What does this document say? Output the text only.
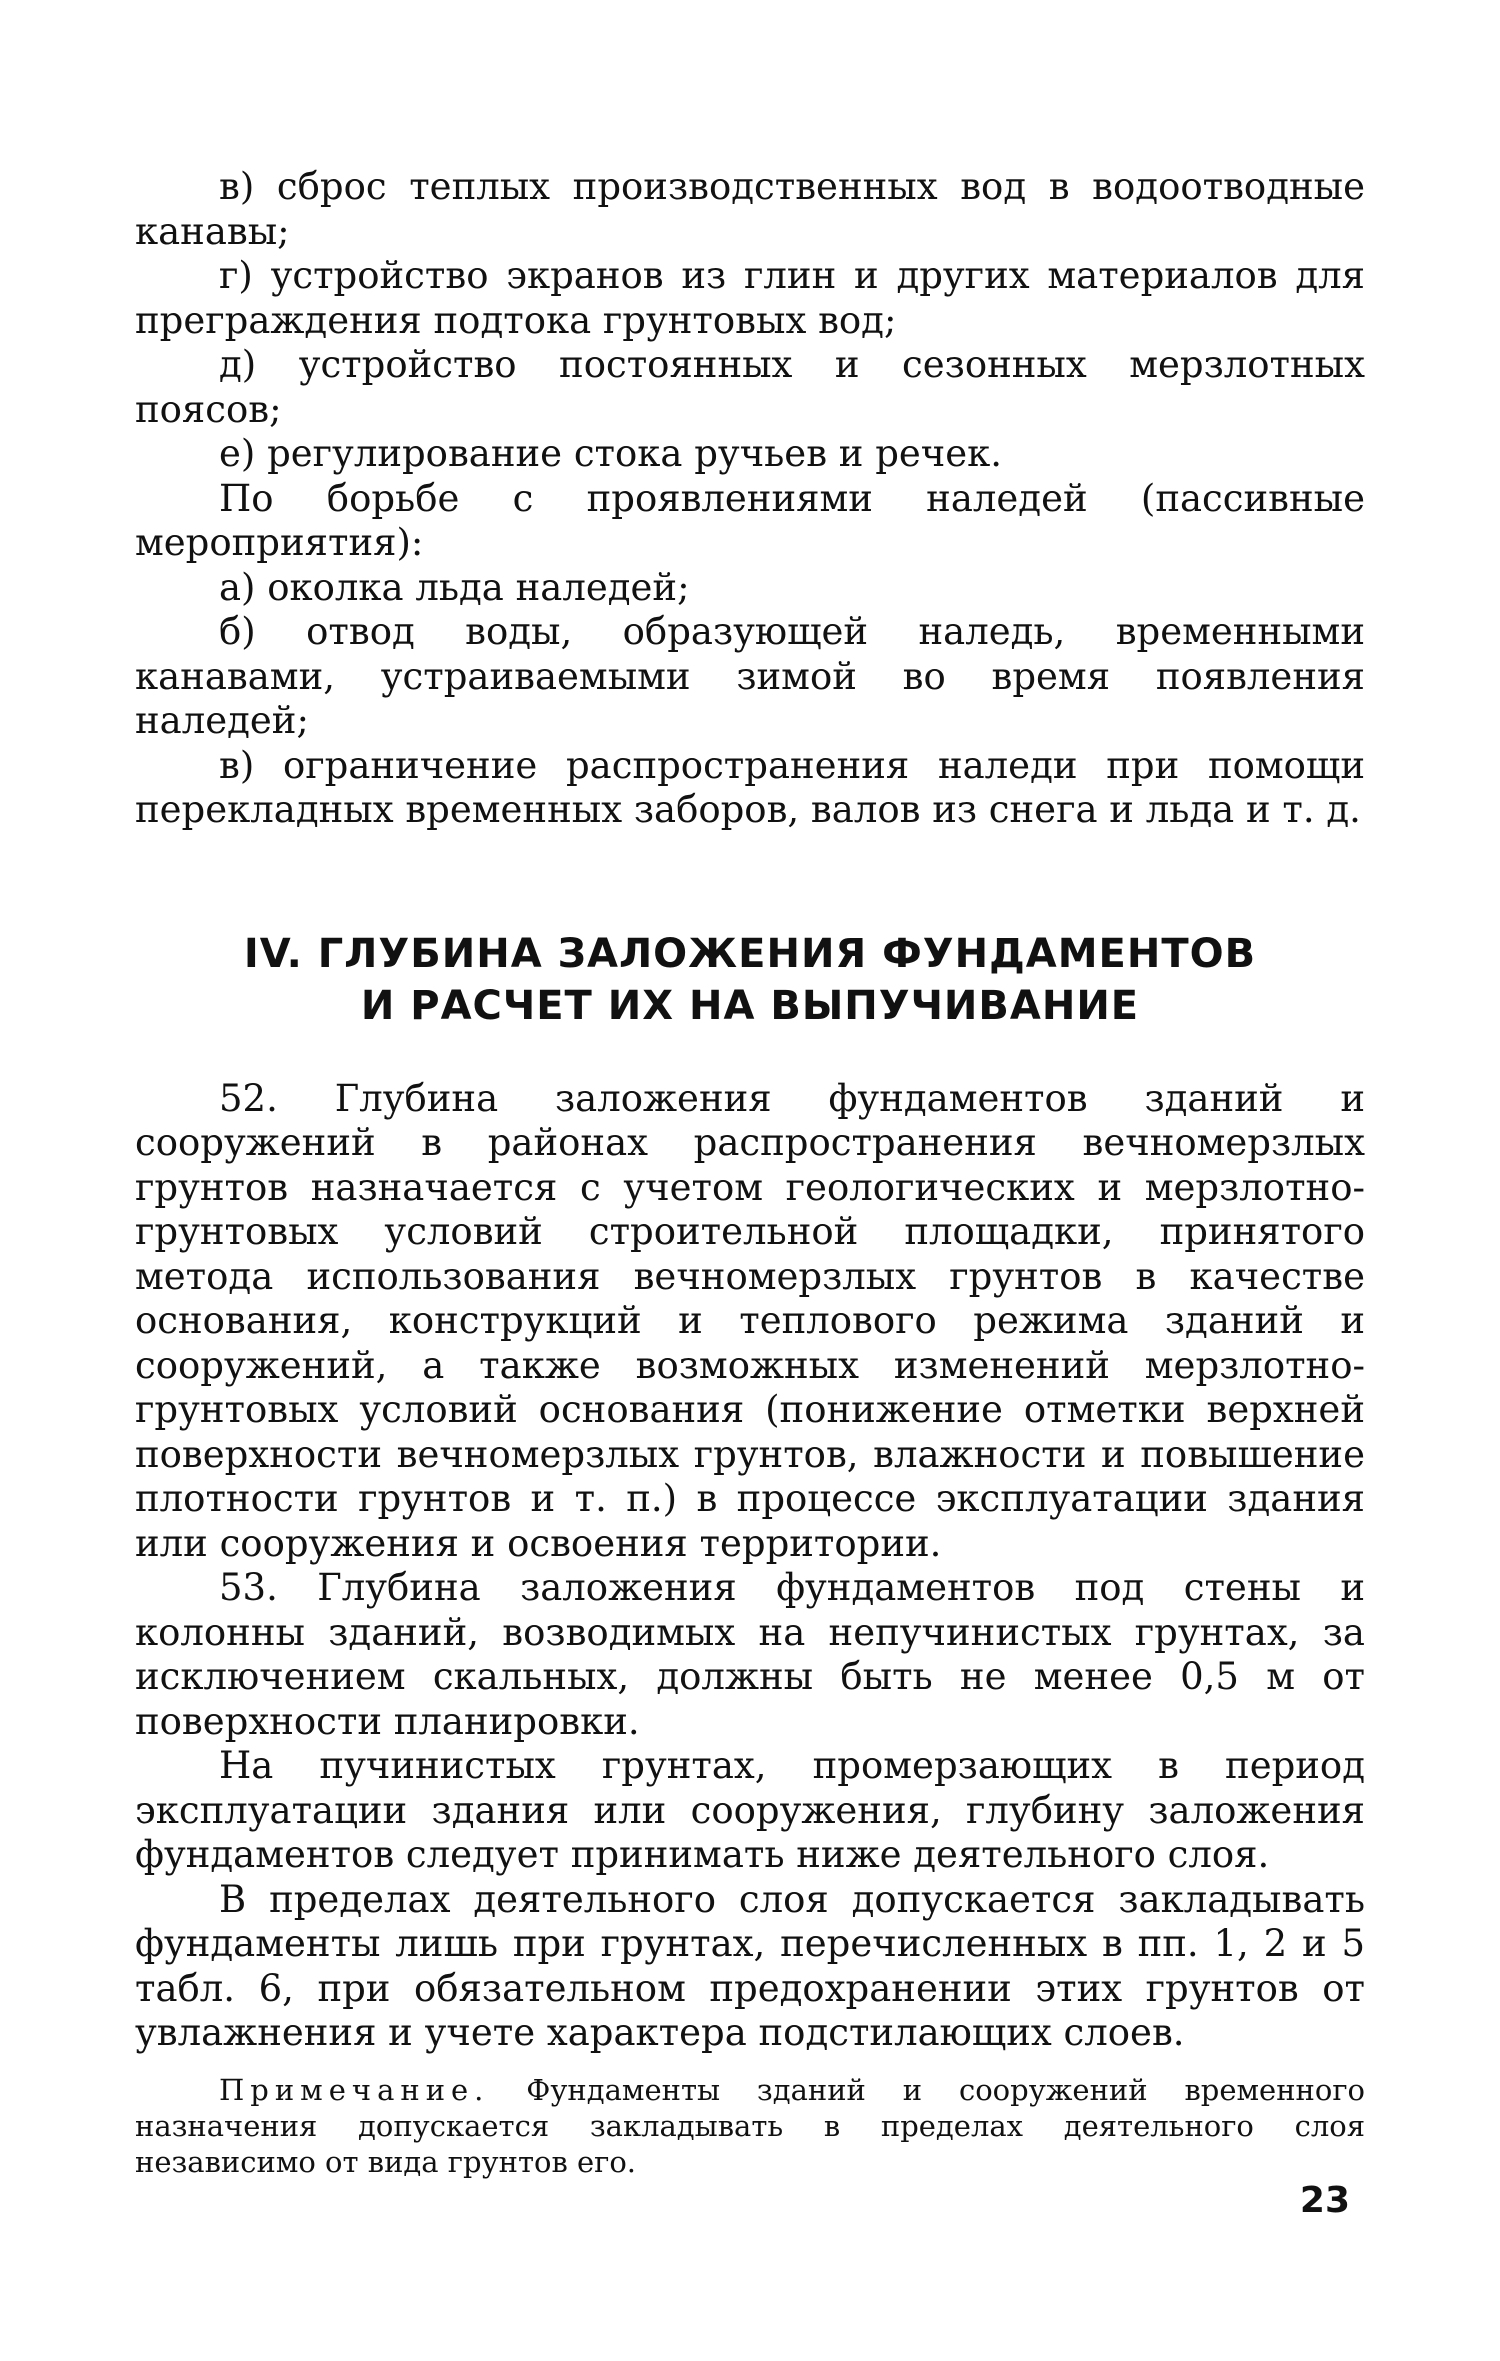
в) сброс теплых производственных вод в водоотводные канавы;

г) устройство экранов из глин и других материалов для преграждения подтока грунтовых вод;

д) устройство постоянных и сезонных мерзлотных поясов;

е) регулирование стока ручьев и речек.

По борьбе с проявлениями наледей (пассивные мероприятия):

а) околка льда наледей;

б) отвод воды, образующей наледь, временными канавами, устраиваемыми зимой во время появления наледей;

в) ограничение распространения наледи при помощи перекладных временных заборов, валов из снега и льда и т. д.

IV. ГЛУБИНА ЗАЛОЖЕНИЯ ФУНДАМЕНТОВ
И РАСЧЕТ ИХ НА ВЫПУЧИВАНИЕ

52. Глубина заложения фундаментов зданий и сооружений в районах распространения вечномерзлых грунтов назначается с учетом геологических и мерзлотно-грунтовых условий строительной площадки, принятого метода использования вечномерзлых грунтов в качестве основания, конструкций и теплового режима зданий и сооружений, а также возможных изменений мерзлотно-грунтовых условий основания (понижение отметки верхней поверхности вечномерзлых грунтов, влажности и повышение плотности грунтов и т. п.) в процессе эксплуатации здания или сооружения и освоения территории.

53. Глубина заложения фундаментов под стены и колонны зданий, возводимых на непучинистых грунтах, за исключением скальных, должны быть не менее 0,5 м от поверхности планировки.

На пучинистых грунтах, промерзающих в период эксплуатации здания или сооружения, глубину заложения фундаментов следует принимать ниже деятельного слоя.

В пределах деятельного слоя допускается закладывать фундаменты лишь при грунтах, перечисленных в пп. 1, 2 и 5 табл. 6, при обязательном предохранении этих грунтов от увлажнения и учете характера подстилающих слоев.

Примечание. Фундаменты зданий и сооружений временного назначения допускается закладывать в пределах деятельного слоя независимо от вида грунтов его.

23
